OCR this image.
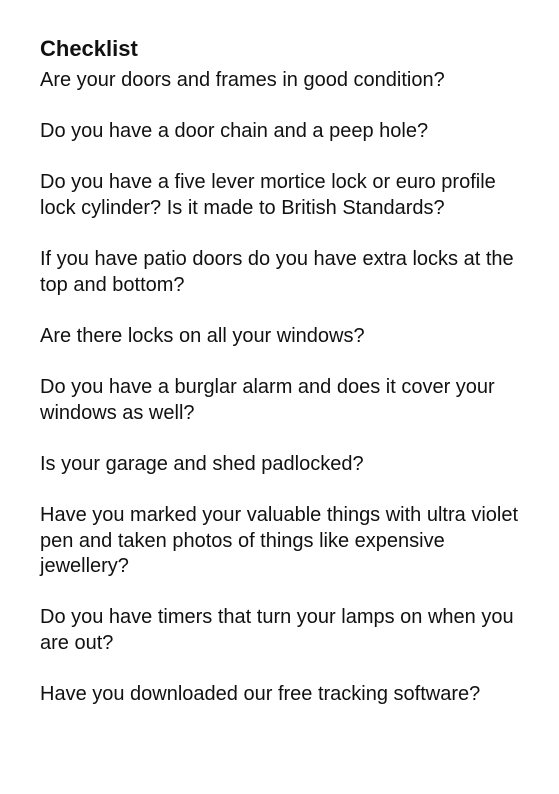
Checklist
Are your doors and frames in good condition?
Do you have a door chain and a peep hole?
Do you have a five lever mortice lock or euro profile lock cylinder? Is it made to British Standards?
If you have patio doors do you have extra locks at the top and bottom?
Are there locks on all your windows?
Do you have a burglar alarm and does it cover your windows as well?
Is your garage and shed padlocked?
Have you marked your valuable things with ultra violet pen and taken photos of things like expensive jewellery?
Do you have timers that turn your lamps on when you are out?
Have you downloaded our free tracking software?
